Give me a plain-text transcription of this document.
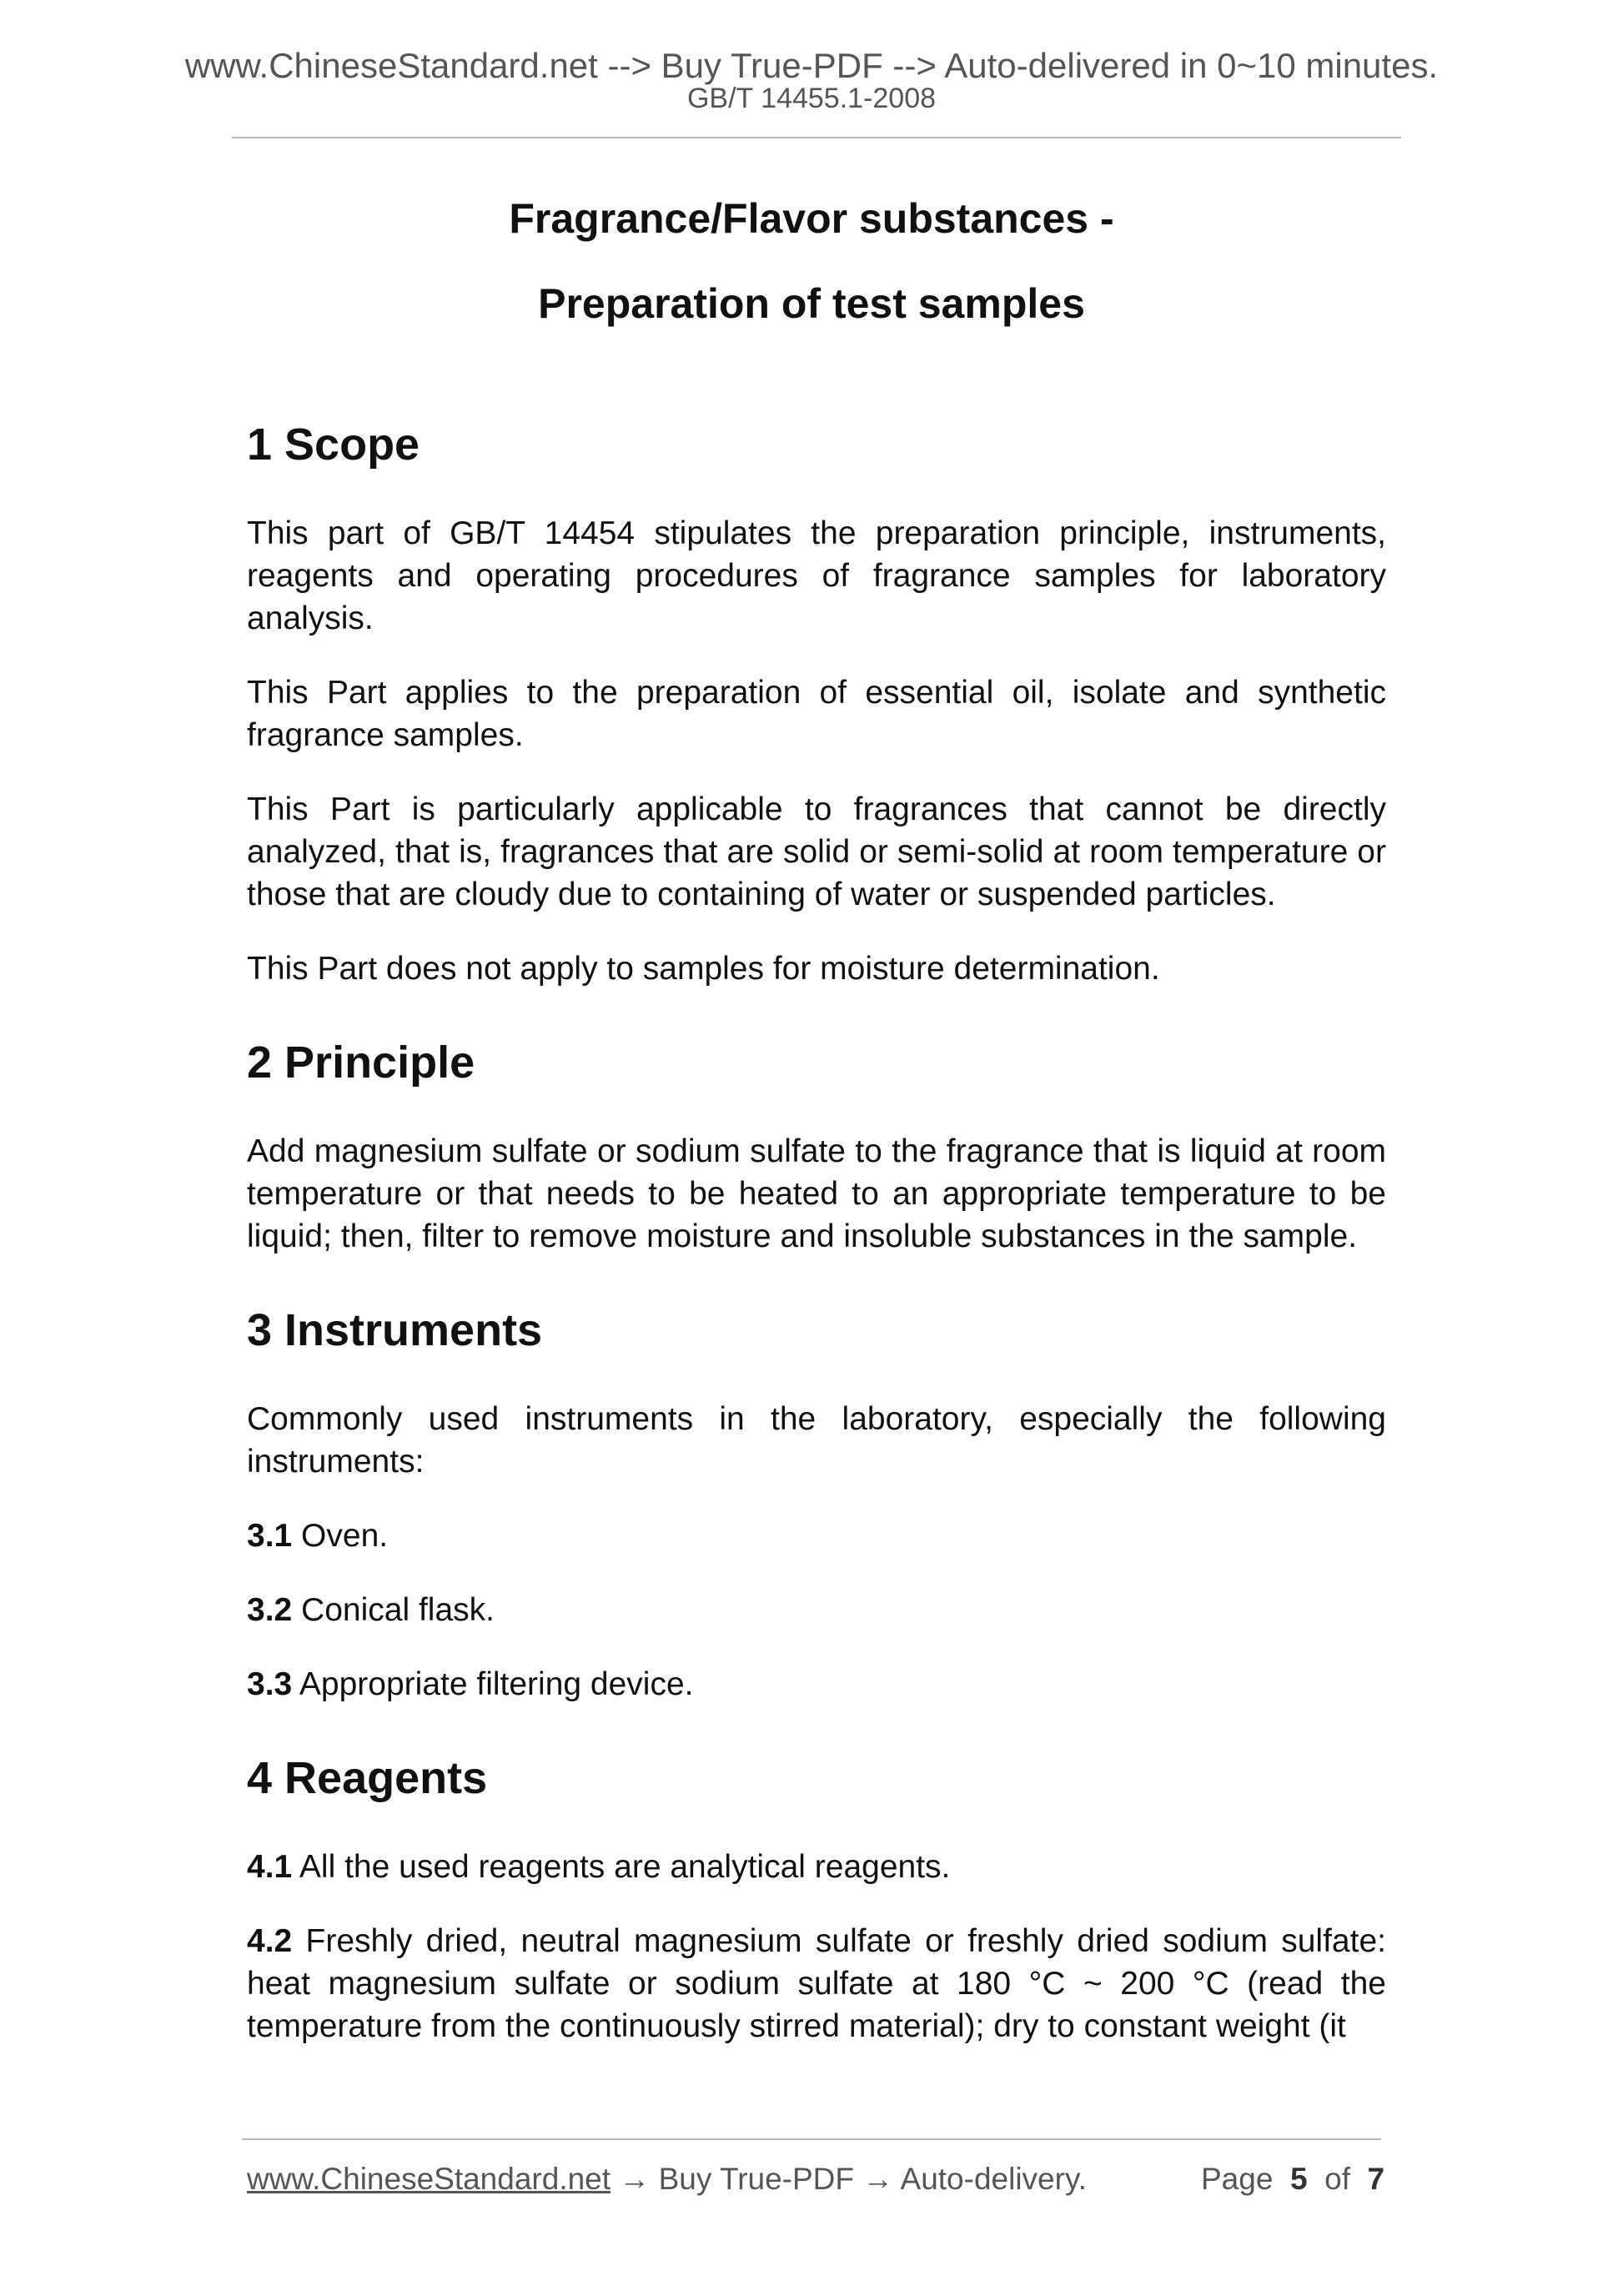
www.ChineseStandard.net --> Buy True-PDF --> Auto-delivered in 0~10 minutes.
GB/T 14455.1-2008
Fragrance/Flavor substances -
Preparation of test samples
1 Scope

This part of GB/T 14454 stipulates the preparation principle, instruments, reagents and operating procedures of fragrance samples for laboratory analysis.

This Part applies to the preparation of essential oil, isolate and synthetic fragrance samples.

This Part is particularly applicable to fragrances that cannot be directly analyzed, that is, fragrances that are solid or semi-solid at room temperature or those that are cloudy due to containing of water or suspended particles.

This Part does not apply to samples for moisture determination.

2 Principle

Add magnesium sulfate or sodium sulfate to the fragrance that is liquid at room temperature or that needs to be heated to an appropriate temperature to be liquid; then, filter to remove moisture and insoluble substances in the sample.

3 Instruments

Commonly used instruments in the laboratory, especially the following instruments:

3.1 Oven.

3.2 Conical flask.

3.3 Appropriate filtering device.

4 Reagents

4.1 All the used reagents are analytical reagents.

4.2 Freshly dried, neutral magnesium sulfate or freshly dried sodium sulfate: heat magnesium sulfate or sodium sulfate at 180 °C ~ 200 °C (read the temperature from the continuously stirred material); dry to constant weight (it

www.ChineseStandard.net → Buy True-PDF → Auto-delivery.	Page 5 of 7
